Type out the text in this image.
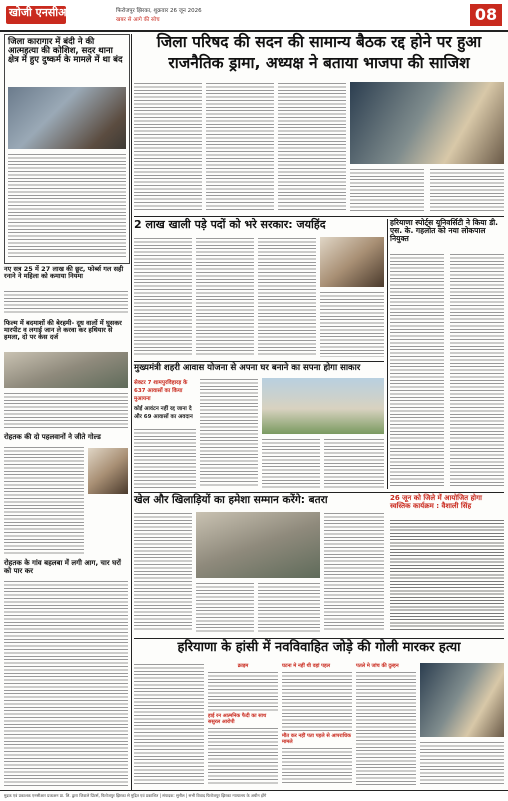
खोजी एनसीआर	फिरोजपुर झिरका, शुक्रवार 26 जून 2026
खबर से आगे की सोच	08
जिला कारागार में बंदी ने की आत्महत्या की कोशिश, सदर थाना क्षेत्र में हुए दुष्कर्म के मामले में था बंद
नए सत्र 25 में 27 लाख की छूट, फोर्ब्स गल सही रनाने ने महिला को कमाया नियमा
फिल्म में बदमाशों की बेरहमी- दूध वालों में घुसकर मारपीट व लगाई जान ले करवा कर हथियार से हमला, दो पर केस दर्ज
रोहतक की दो पहलवानों ने जीते गोल्ड
रोहतक के गांव बहलबा में लगी आग, चार घरों को पार कर
जिला परिषद की सदन की सामान्य बैठक रद्द होने पर हुआ
राजनैतिक ड्रामा, अध्यक्ष ने बताया भाजपा की साजिश
2 लाख खाली पड़े पदों को भरे सरकार: जयहिंद	हरियाणा स्पोर्ट्स यूनिवर्सिटी ने किया डी. एस. के. गहलोत को नया लोकपाल नियुक्त
मुख्यमंत्री शहरी आवास योजना से अपना घर बनाने का सपना होगा साकार
सेक्टर 7 शामपुरविहारड़ के 637 आवासों का किया मुआयना
कोई आवंटन नहीं रद्द जाना दे और 69 आवासों का अवदान
खेल और खिलाड़ियों का हमेशा सम्मान करेंगे: बतरा	26 जून को जिले में आयोजित होगा स्वस्तिक कार्यक्रम : वैशाली सिंह
हरियाणा के हांसी में नवविवाहित जोड़े की गोली मारकर हत्या
क्राइम
हाई रन आत्मनिक फैदी का साथ ससुरल आरोपी
घटना मे नहीं थी वहां पहल
मौत कर नहीं पता पहले से आपराधिक मामले
पतले मे जांच की दुल्हन
मुद्रक एवं प्रकाशक एनसीआर प्रकाशन प्रा. लि. द्वारा जिवाले प्रिंटर्स, फिरोजपुर झिरका से मुद्रित एवं प्रकाशित | संपादक: सुनील | सभी विवाद फिरोजपुर झिरका न्यायालय के अधीन होंगे
